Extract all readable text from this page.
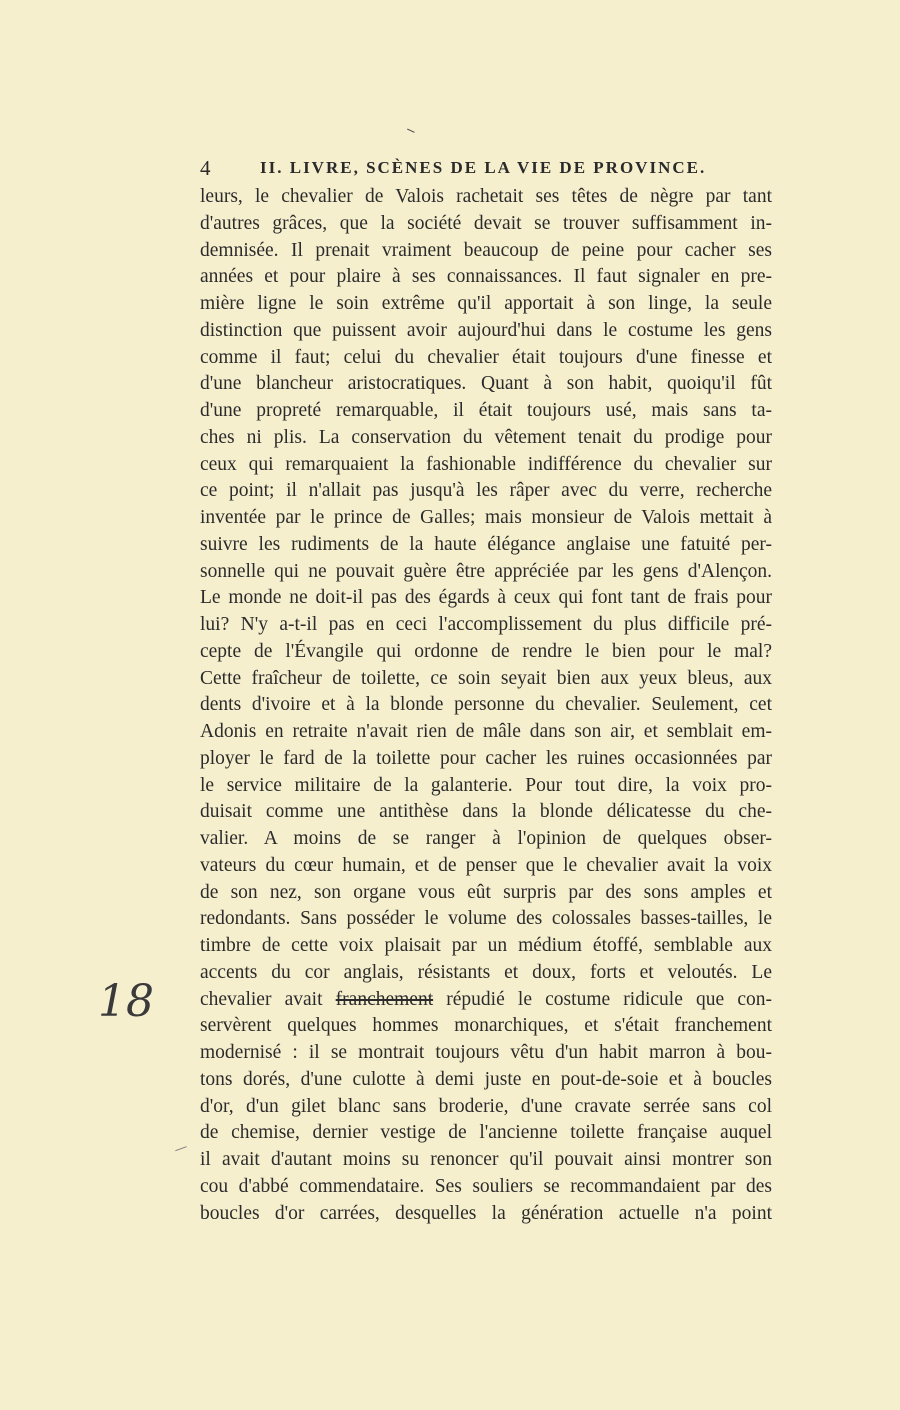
4	II. LIVRE, SCÈNES DE LA VIE DE PROVINCE.
leurs, le chevalier de Valois rachetait ses têtes de nègre par tant
d'autres grâces, que la société devait se trouver suffisamment in-
demnisée. Il prenait vraiment beaucoup de peine pour cacher ses
années et pour plaire à ses connaissances. Il faut signaler en pre-
mière ligne le soin extrême qu'il apportait à son linge, la seule
distinction que puissent avoir aujourd'hui dans le costume les gens
comme il faut; celui du chevalier était toujours d'une finesse et
d'une blancheur aristocratiques. Quant à son habit, quoiqu'il fût
d'une propreté remarquable, il était toujours usé, mais sans ta-
ches ni plis. La conservation du vêtement tenait du prodige pour
ceux qui remarquaient la fashionable indifférence du chevalier sur
ce point; il n'allait pas jusqu'à les râper avec du verre, recherche
inventée par le prince de Galles; mais monsieur de Valois mettait à
suivre les rudiments de la haute élégance anglaise une fatuité per-
sonnelle qui ne pouvait guère être appréciée par les gens d'Alençon.
Le monde ne doit-il pas des égards à ceux qui font tant de frais pour
lui? N'y a-t-il pas en ceci l'accomplissement du plus difficile pré-
cepte de l'Évangile qui ordonne de rendre le bien pour le mal?
Cette fraîcheur de toilette, ce soin seyait bien aux yeux bleus, aux
dents d'ivoire et à la blonde personne du chevalier. Seulement, cet
Adonis en retraite n'avait rien de mâle dans son air, et semblait em-
ployer le fard de la toilette pour cacher les ruines occasionnées par
le service militaire de la galanterie. Pour tout dire, la voix pro-
duisait comme une antithèse dans la blonde délicatesse du che-
valier. A moins de se ranger à l'opinion de quelques obser-
vateurs du cœur humain, et de penser que le chevalier avait la voix
de son nez, son organe vous eût surpris par des sons amples et
redondants. Sans posséder le volume des colossales basses-tailles, le
timbre de cette voix plaisait par un médium étoffé, semblable aux
accents du cor anglais, résistants et doux, forts et veloutés. Le
chevalier avait franchement répudié le costume ridicule que con-
servèrent quelques hommes monarchiques, et s'était franchement
modernisé : il se montrait toujours vêtu d'un habit marron à bou-
tons dorés, d'une culotte à demi juste en pout-de-soie et à boucles
d'or, d'un gilet blanc sans broderie, d'une cravate serrée sans col
de chemise, dernier vestige de l'ancienne toilette française auquel
il avait d'autant moins su renoncer qu'il pouvait ainsi montrer son
cou d'abbé commendataire. Ses souliers se recommandaient par des
boucles d'or carrées, desquelles la génération actuelle n'a point
18
